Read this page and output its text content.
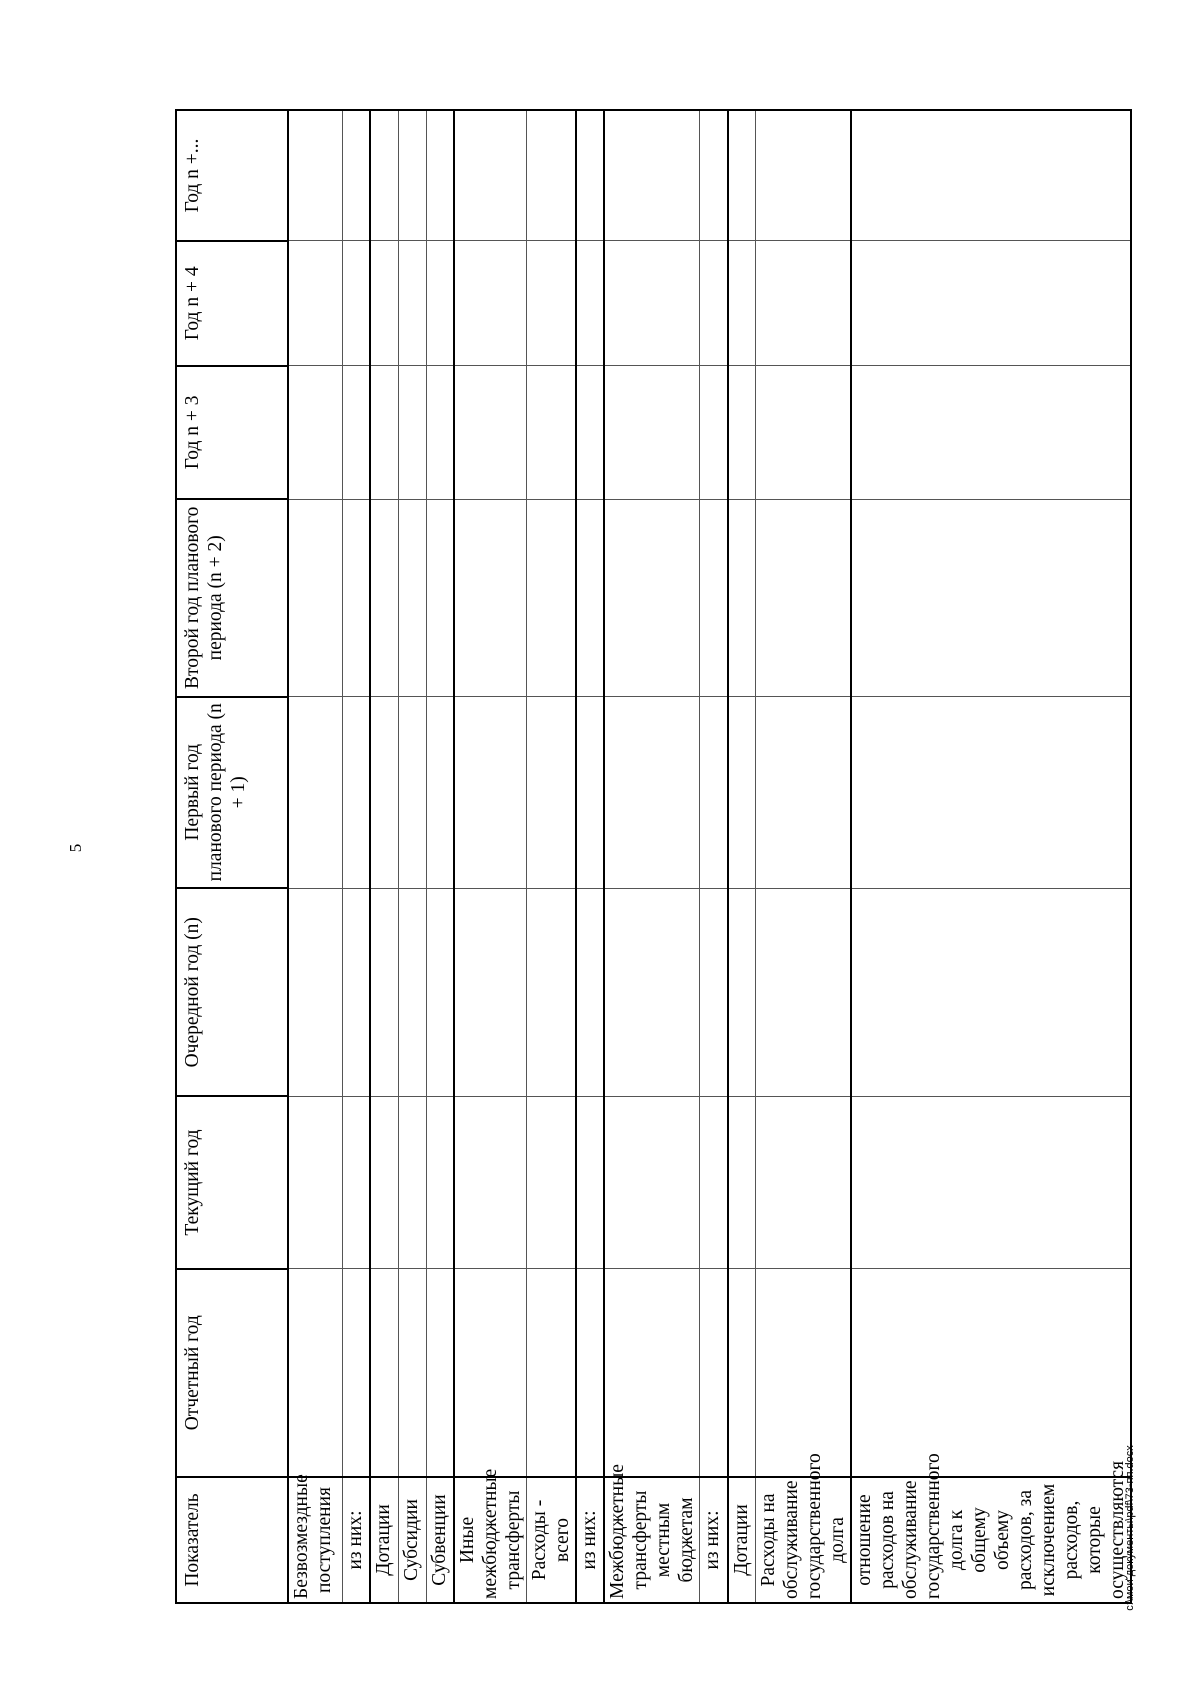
5
Показатель	Отчетный год	Текущий год	Очередной год (n)	Первый год планового периода (n + 1)	Второй год планового периода (n + 2)	Год n + 3	Год n + 4	Год n +...
Безвозмездные поступления								
из них:								
Дотации								
Субсидии								
Субвенции								
Иные межбюджетные трансферты								
Расходы - всего								
из них:								
Межбюджетные трансферты местным бюджетам								
из них:								
Дотации								
Расходы на обслуживание государственного долга								
отношение расходов на обслуживание государственного долга к общему объему расходов, за исключением расходов, которые осуществляются								
c:\мои документы\pdf\73-пп.docx
